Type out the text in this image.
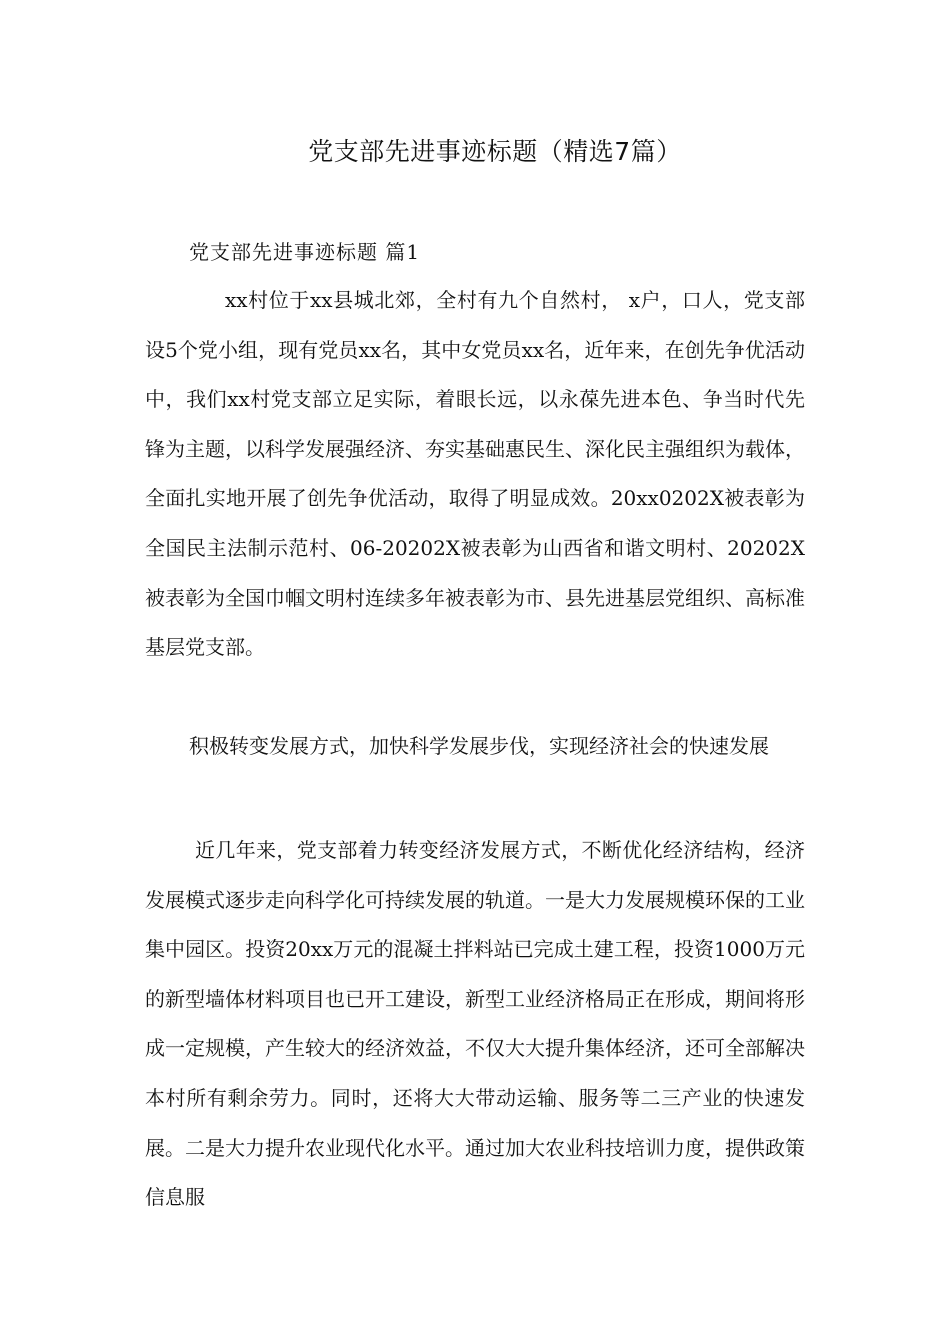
党支部先进事迹标题（精选7篇）
党支部先进事迹标题 篇1

xx村位于xx县城北郊，全村有九个自然村， x户，口人，党支部设5个党小组，现有党员xx名，其中女党员xx名，近年来，在创先争优活动中，我们xx村党支部立足实际，着眼长远，以永葆先进本色、争当时代先锋为主题，以科学发展强经济、夯实基础惠民生、深化民主强组织为载体，全面扎实地开展了创先争优活动，取得了明显成效。20xx0202X被表彰为全国民主法制示范村、06-20202X被表彰为山西省和谐文明村、20202X被表彰为全国巾帼文明村连续多年被表彰为市、县先进基层党组织、高标准基层党支部。

积极转变发展方式，加快科学发展步伐，实现经济社会的快速发展

近几年来，党支部着力转变经济发展方式，不断优化经济结构，经济发展模式逐步走向科学化可持续发展的轨道。一是大力发展规模环保的工业集中园区。投资20xx万元的混凝土拌料站已完成土建工程，投资1000万元的新型墙体材料项目也已开工建设，新型工业经济格局正在形成，期间将形成一定规模，产生较大的经济效益，不仅大大提升集体经济，还可全部解决本村所有剩余劳力。同时，还将大大带动运输、服务等二三产业的快速发展。二是大力提升农业现代化水平。通过加大农业科技培训力度，提供政策信息服
